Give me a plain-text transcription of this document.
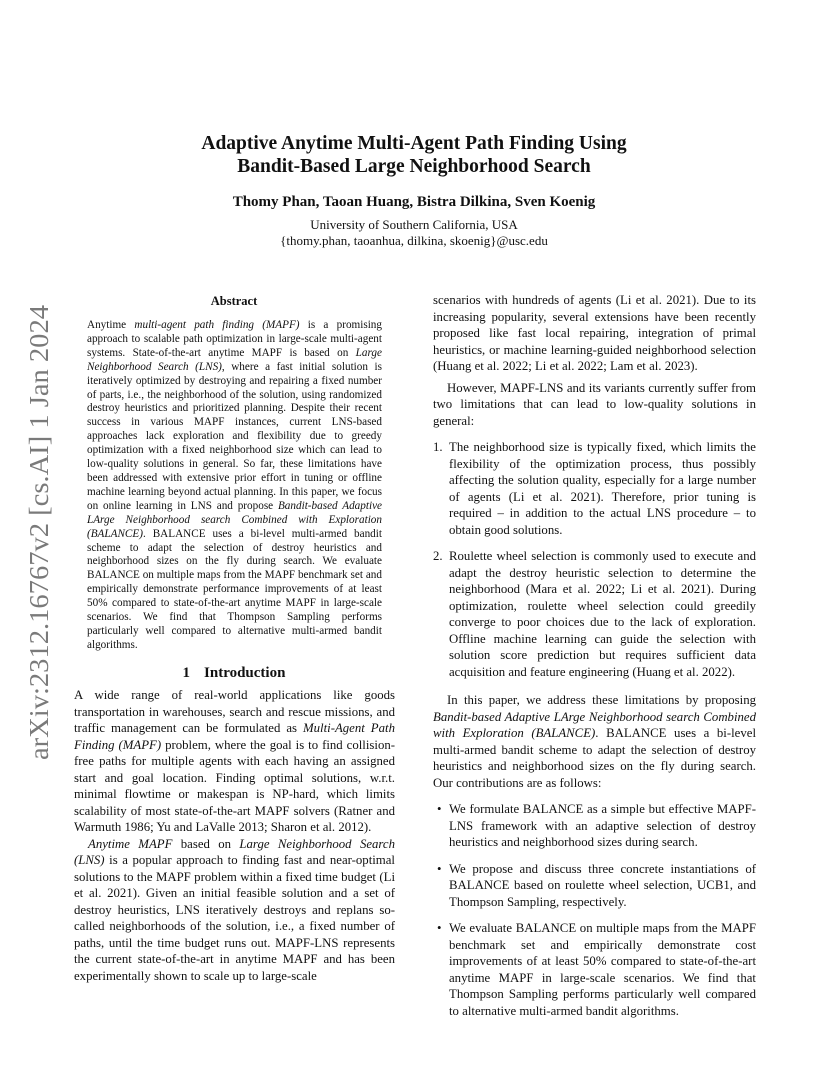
arXiv:2312.16767v2 [cs.AI] 1 Jan 2024
Adaptive Anytime Multi-Agent Path Finding Using
Bandit-Based Large Neighborhood Search
Thomy Phan, Taoan Huang, Bistra Dilkina, Sven Koenig
University of Southern California, USA
{thomy.phan, taoanhua, dilkina, skoenig}@usc.edu
Abstract
Anytime multi-agent path finding (MAPF) is a promising approach to scalable path optimization in large-scale multi-agent systems. State-of-the-art anytime MAPF is based on Large Neighborhood Search (LNS), where a fast initial solution is iteratively optimized by destroying and repairing a fixed number of parts, i.e., the neighborhood of the solution, using randomized destroy heuristics and prioritized planning. Despite their recent success in various MAPF instances, current LNS-based approaches lack exploration and flexibility due to greedy optimization with a fixed neighborhood size which can lead to low-quality solutions in general. So far, these limitations have been addressed with extensive prior effort in tuning or offline machine learning beyond actual planning. In this paper, we focus on online learning in LNS and propose Bandit-based Adaptive LArge Neighborhood search Combined with Exploration (BALANCE). BALANCE uses a bi-level multi-armed bandit scheme to adapt the selection of destroy heuristics and neighborhood sizes on the fly during search. We evaluate BALANCE on multiple maps from the MAPF benchmark set and empirically demonstrate performance improvements of at least 50% compared to state-of-the-art anytime MAPF in large-scale scenarios. We find that Thompson Sampling performs particularly well compared to alternative multi-armed bandit algorithms.
1 Introduction

A wide range of real-world applications like goods transportation in warehouses, search and rescue missions, and traffic management can be formulated as Multi-Agent Path Finding (MAPF) problem, where the goal is to find collision-free paths for multiple agents with each having an assigned start and goal location. Finding optimal solutions, w.r.t. minimal flowtime or makespan is NP-hard, which limits scalability of most state-of-the-art MAPF solvers (Ratner and Warmuth 1986; Yu and LaValle 2013; Sharon et al. 2012).

Anytime MAPF based on Large Neighborhood Search (LNS) is a popular approach to finding fast and near-optimal solutions to the MAPF problem within a fixed time budget (Li et al. 2021). Given an initial feasible solution and a set of destroy heuristics, LNS iteratively destroys and replans so-called neighborhoods of the solution, i.e., a fixed number of paths, until the time budget runs out. MAPF-LNS represents the current state-of-the-art in anytime MAPF and has been experimentally shown to scale up to large-scale

scenarios with hundreds of agents (Li et al. 2021). Due to its increasing popularity, several extensions have been recently proposed like fast local repairing, integration of primal heuristics, or machine learning-guided neighborhood selection (Huang et al. 2022; Li et al. 2022; Lam et al. 2023).

However, MAPF-LNS and its variants currently suffer from two limitations that can lead to low-quality solutions in general:

1. The neighborhood size is typically fixed, which limits the flexibility of the optimization process, thus possibly affecting the solution quality, especially for a large number of agents (Li et al. 2021). Therefore, prior tuning is required – in addition to the actual LNS procedure – to obtain good solutions.
2. Roulette wheel selection is commonly used to execute and adapt the destroy heuristic selection to determine the neighborhood (Mara et al. 2022; Li et al. 2021). During optimization, roulette wheel selection could greedily converge to poor choices due to the lack of exploration. Offline machine learning can guide the selection with solution score prediction but requires sufficient data acquisition and feature engineering (Huang et al. 2022).

In this paper, we address these limitations by proposing Bandit-based Adaptive LArge Neighborhood search Combined with Exploration (BALANCE). BALANCE uses a bi-level multi-armed bandit scheme to adapt the selection of destroy heuristics and neighborhood sizes on the fly during search. Our contributions are as follows:

• We formulate BALANCE as a simple but effective MAPF-LNS framework with an adaptive selection of destroy heuristics and neighborhood sizes during search.
• We propose and discuss three concrete instantiations of BALANCE based on roulette wheel selection, UCB1, and Thompson Sampling, respectively.
• We evaluate BALANCE on multiple maps from the MAPF benchmark set and empirically demonstrate cost improvements of at least 50% compared to state-of-the-art anytime MAPF in large-scale scenarios. We find that Thompson Sampling performs particularly well compared to alternative multi-armed bandit algorithms.
